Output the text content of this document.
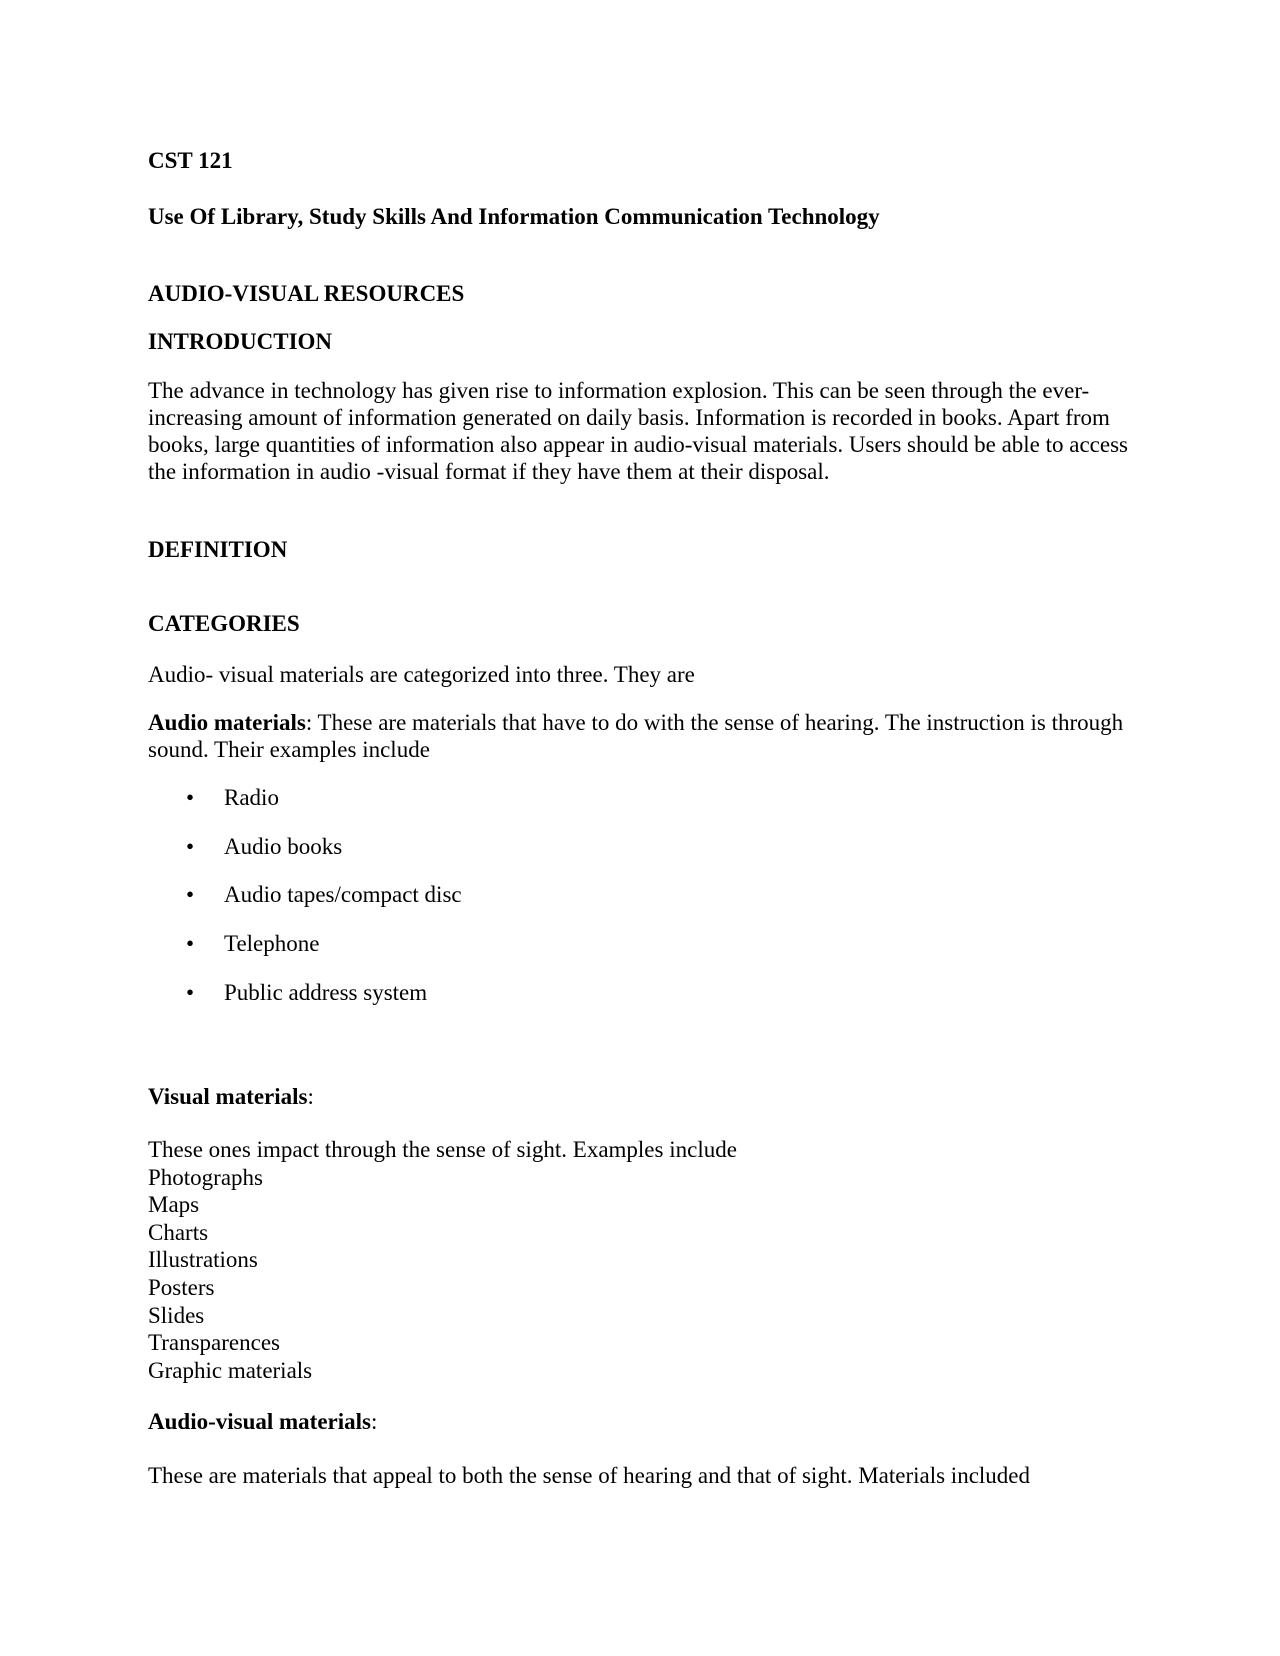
CST 121
Use Of Library, Study Skills And Information Communication Technology
AUDIO-VISUAL RESOURCES
INTRODUCTION
The advance in technology has given rise to information explosion. This can be seen through the ever-increasing amount of information generated on daily basis. Information is recorded in books. Apart from books, large quantities of information also appear in audio-visual materials. Users should be able to access the information in audio -visual format if they have them at their disposal.
DEFINITION
CATEGORIES
Audio- visual materials are categorized into three. They are
Audio materials: These are materials that have to do with the sense of hearing. The instruction is through sound. Their examples include
• Radio
• Audio books
• Audio tapes/compact disc
• Telephone
• Public address system
Visual materials:
These ones impact through the sense of sight. Examples include
Photographs
Maps
Charts
Illustrations
Posters
Slides
Transparences
Graphic materials
Audio-visual materials:
These are materials that appeal to both the sense of hearing and that of sight. Materials included
